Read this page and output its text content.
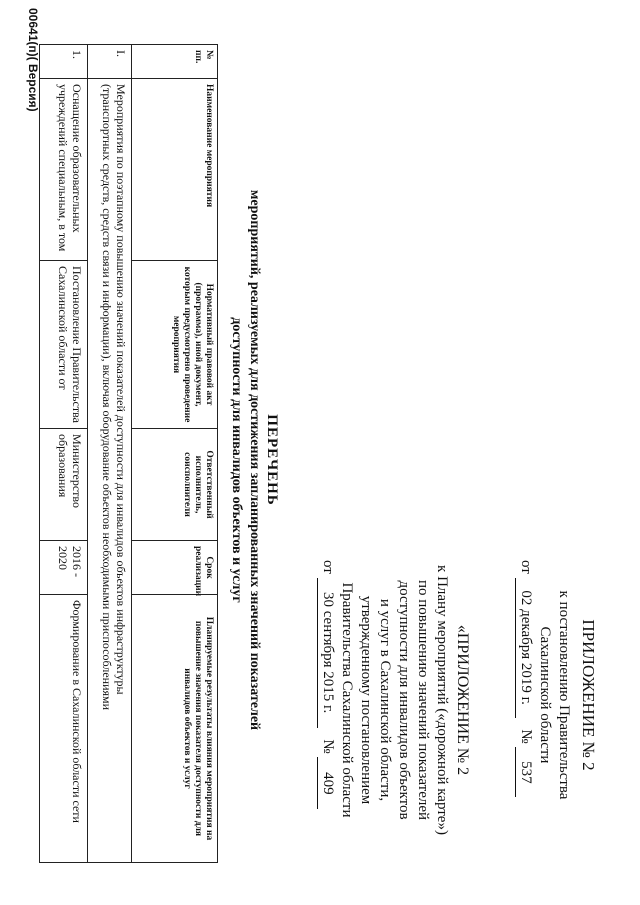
ПРИЛОЖЕНИЕ № 2
к постановлению Правительства
Сахалинской области
от 02 декабря 2019 г. № 537
«ПРИЛОЖЕНИЕ № 2
к Плану мероприятий («дорожной карте»)
по повышению значений показателей
доступности для инвалидов объектов
и услуг в Сахалинской области,
утвержденному постановлением
Правительства Сахалинской области
от 30 сентября 2015 г. № 409
ПЕРЕЧЕНЬ
мероприятий, реализуемых для достижения запланированных значений показателей
доступности для инвалидов объектов и услуг
№ пп.	Наименование мероприятия	Нормативный правовой акт (программа), иной документ, которым предусмотрено проведение мероприятия	Ответственный исполнитель, соисполнители	Срок реализации	Планируемые результаты влияния мероприятия на повышение значения показателя доступности для инвалидов объектов и услуг
I.	Мероприятия по поэтапному повышению значений показателей доступности для инвалидов объектов инфраструктуры
(транспортных средств, средств связи и информации), включая оборудование объектов необходимыми приспособлениями				

1.	Оснащение образовательных учреждений специальным, в том	Постановление Правительства Сахалинской области от	Министерство образования	2016 - 2020	Формирование в Сахалинской области сети
00641(п)( Версия)
